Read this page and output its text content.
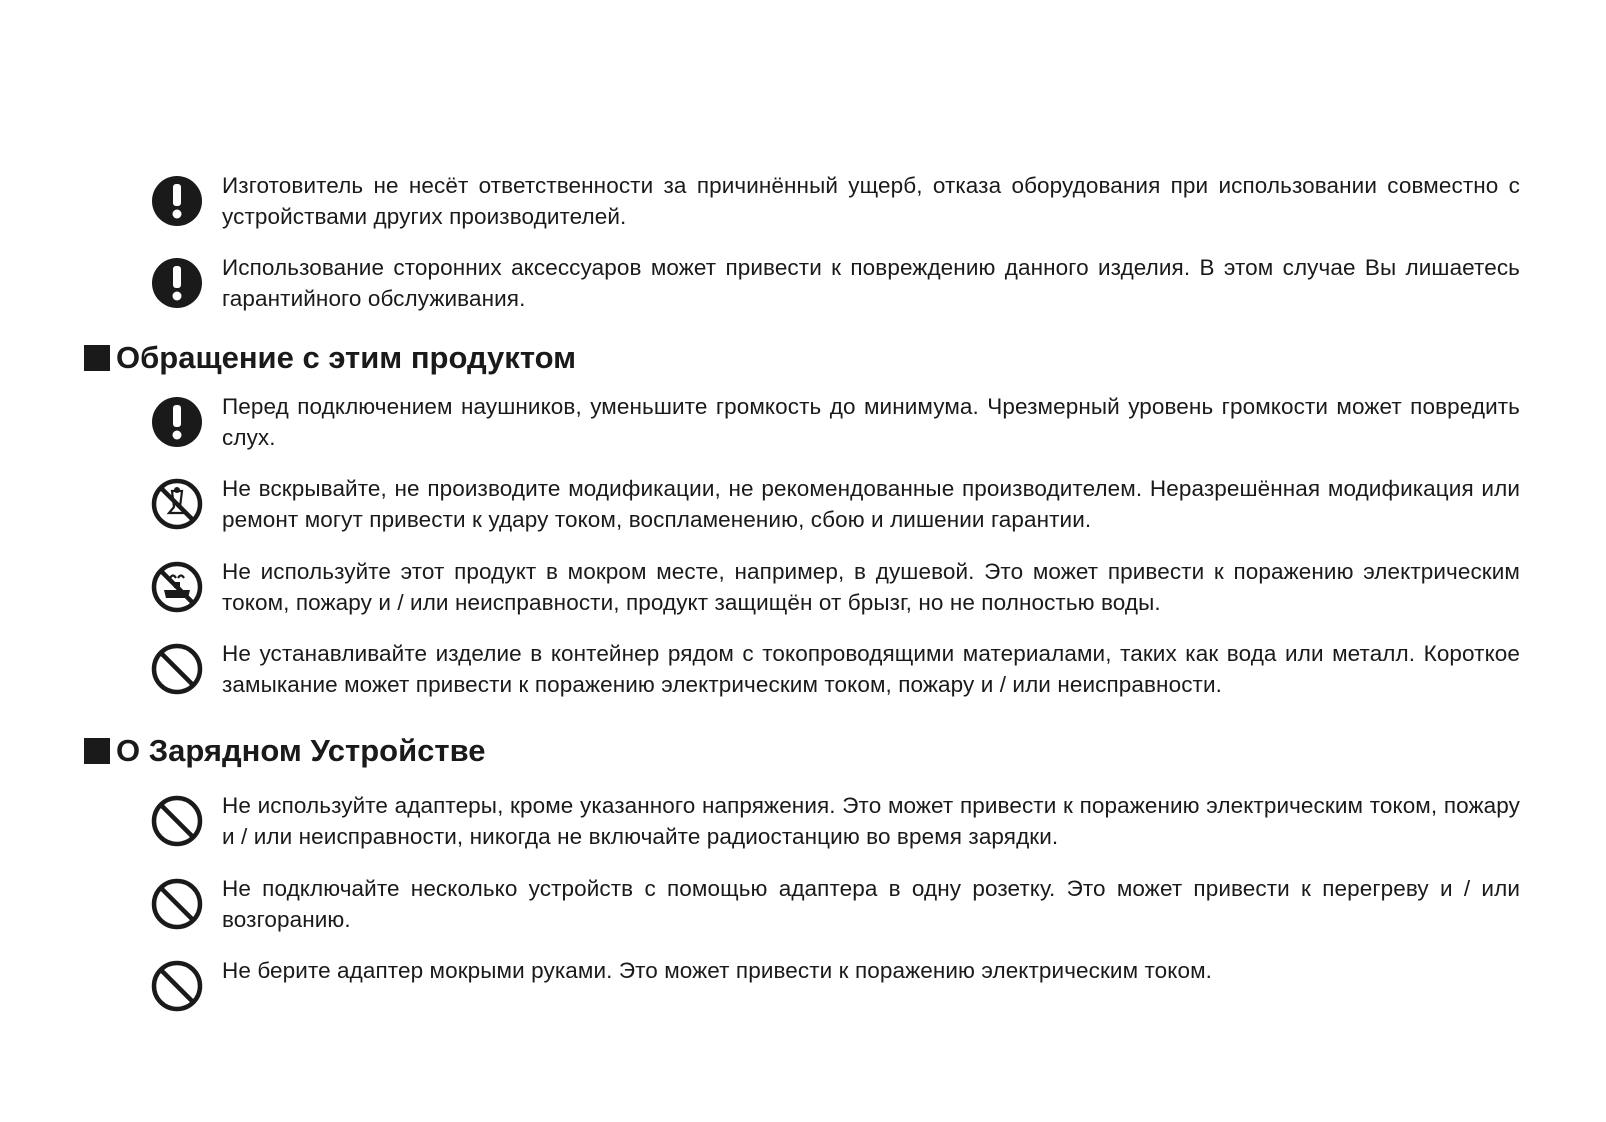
Изготовитель не несёт ответственности за причинённый ущерб, отказа оборудования при использовании совместно с устройствами других производителей.
Использование сторонних аксессуаров может привести к повреждению данного изделия. В этом случае Вы лишаетесь гарантийного обслуживания.
Обращение с этим продуктом
Перед подключением наушников, уменьшите громкость до минимума. Чрезмерный уровень громкости может повредить слух.
Не вскрывайте, не производите модификации, не рекомендованные производителем. Неразрешённая модификация или ремонт могут привести к удару током, воспламенению, сбою и лишении гарантии.
Не используйте этот продукт в мокром месте, например, в душевой. Это может привести к поражению электрическим током, пожару и / или неисправности, продукт защищён от брызг, но не полностью воды.
Не устанавливайте изделие в контейнер рядом с токопроводящими материалами, таких как вода или металл. Короткое замыкание может привести к поражению электрическим током, пожару и / или неисправности.
О Зарядном Устройстве
Не используйте адаптеры, кроме указанного напряжения. Это может привести к поражению электрическим током, пожару и / или неисправности, никогда не включайте радиостанцию во время зарядки.
Не подключайте несколько устройств с помощью адаптера в одну розетку. Это может привести к перегреву и / или возгоранию.
Не берите адаптер мокрыми руками. Это может привести к поражению электрическим током.
